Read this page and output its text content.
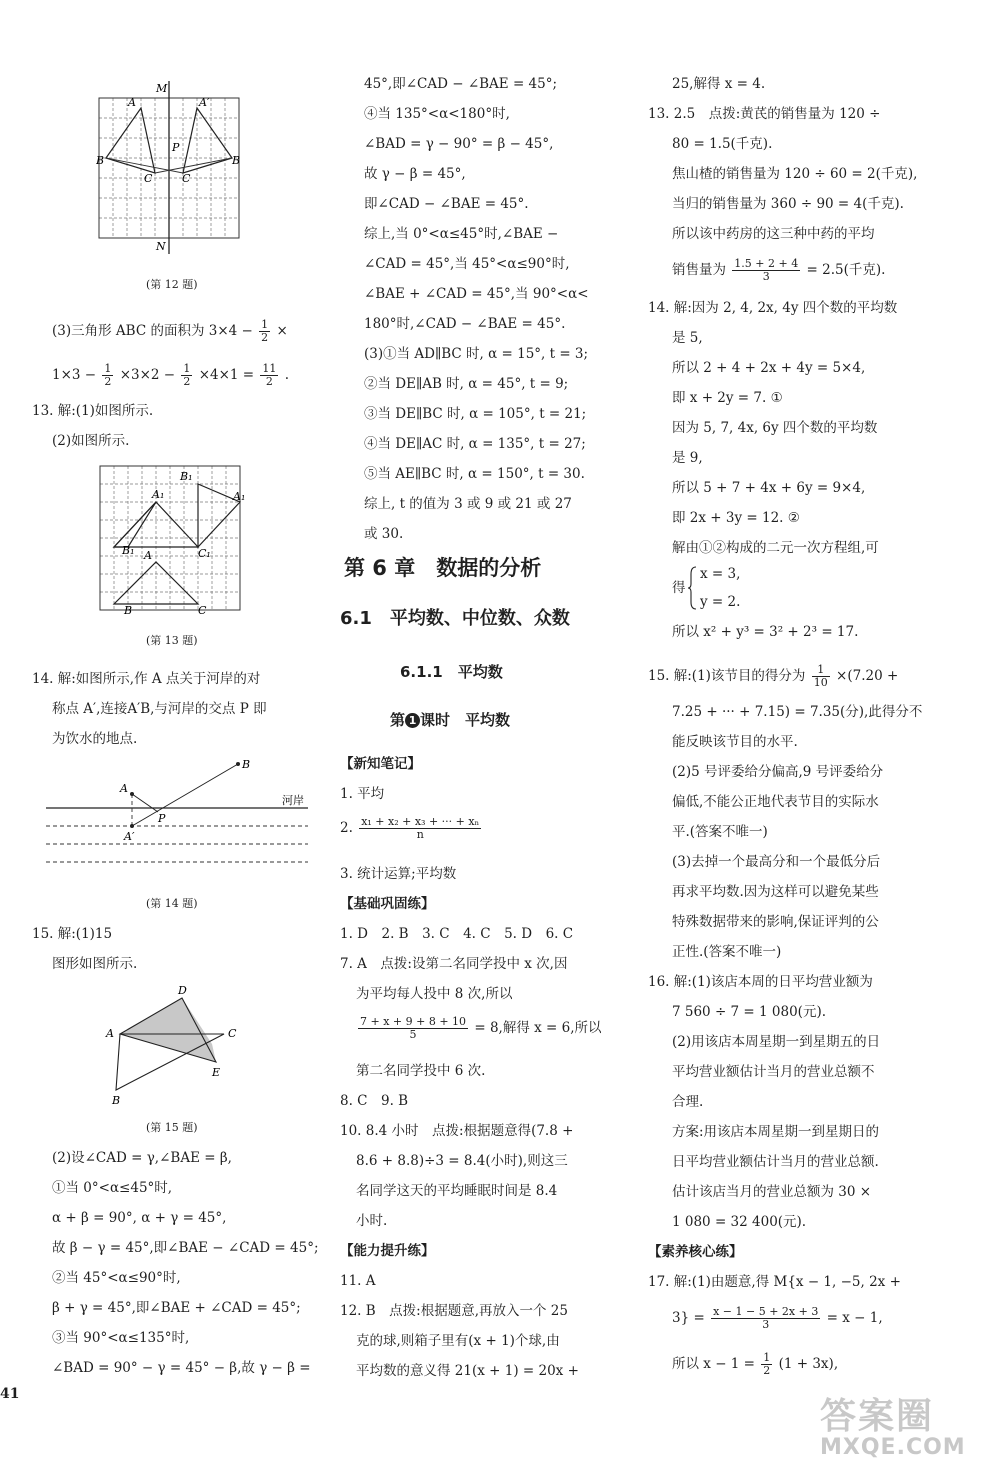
M
N
A	A′
B	B
P
C	C
(第 12 题)
(3)三角形 ABC 的面积为 $3\times 4 - \frac{1}{2}$ ×
$1\times 3 - \frac{1}{2} \times 3\times 2 - \frac{1}{2} \times 4\times 1 = \frac{11}{2}$ .
13. 解:(1)如图所示.
(2)如图所示.
B₁
A₁	A₁
B₁	C₁
A
B	C
(第 13 题)
14. 解:如图所示,作 A 点关于河岸的对
称点 A′,连接A′B,与河岸的交点 P 即
为饮水的地点.
A
B
P
A′
河岸
(第 14 题)
15. 解:(1)15
图形如图所示.
D
A	C
E
B
(第 15 题)
(2)设∠CAD = γ,∠BAE = β,
①当 0°<α≤45°时,
α + β = 90°, α + γ = 45°,
故 β − γ = 45°,即∠BAE − ∠CAD = 45°;
②当 45°<α≤90°时,
β + γ = 45°,即∠BAE + ∠CAD = 45°;
③当 90°<α≤135°时,
∠BAD = 90° − γ = 45° − β,故 γ − β =
45°,即∠CAD − ∠BAE = 45°;
④当 135°<α<180°时,
∠BAD = γ − 90° = β − 45°,
故 γ − β = 45°,
即∠CAD − ∠BAE = 45°.
综上,当 0°<α≤45°时,∠BAE −
∠CAD = 45°,当 45°<α≤90°时,
∠BAE + ∠CAD = 45°,当 90°<α<
180°时,∠CAD − ∠BAE = 45°.
(3)①当 AD∥BC 时, α = 15°, t = 3;
②当 DE∥AB 时, α = 45°, t = 9;
③当 DE∥BC 时, α = 105°, t = 21;
④当 DE∥AC 时, α = 135°, t = 27;
⑤当 AE∥BC 时, α = 150°, t = 30.
综上, t 的值为 3 或 9 或 21 或 27
或 30.
第 6 章　数据的分析
6.1　平均数、中位数、众数
6.1.1　平均数
第 1 课时　平均数
【新知笔记】
1. 平均
2. $\frac{\text{x₁ + x₂ + x₃ + ··· + xₙ}}{n}$
3. 统计运算;平均数
【基础巩固练】
1. D　2. B　3. C　4. C　5. D　6. C
7. A　点拨:设第二名同学投中 x 次,因
为平均每人投中 8 次,所以
$\frac{7 + x + 9 + 8 + 10}{5} = 8$,解得 x = 6,所以
第二名同学投中 6 次.
8. C　9. B
10. 8.4 小时　点拨:根据题意得(7.8 +
8.6 + 8.8)÷3 = 8.4(小时),则这三
名同学这天的平均睡眠时间是 8.4
小时.
【能力提升练】
11. A
12. B　点拨:根据题意,再放入一个 25
克的球,则箱子里有(x + 1)个球,由
平均数的意义得 21(x + 1) = 20x +
25,解得 x = 4.
13. 2.5　点拨:黄芪的销售量为 120 ÷
80 = 1.5(千克).
焦山楂的销售量为 120 ÷ 60 = 2(千克),
当归的销售量为 360 ÷ 90 = 4(千克).
所以该中药房的这三种中药的平均
销售量为 $\frac{1.5 + 2 + 4}{3} = 2.5$(千克).
14. 解:因为 2, 4, 2x, 4y 四个数的平均数
是 5,
所以 2 + 4 + 2x + 4y = 5×4,
即 x + 2y = 7. ①
因为 5, 7, 4x, 6y 四个数的平均数
是 9,
所以 5 + 7 + 4x + 6y = 9×4,
即 2x + 3y = 12. ②
解由①②构成的二元一次方程组,可
得
x = 3,
y = 2.
所以 x² + y³ = 3² + 2³ = 17.
15. 解:(1)该节目的得分为 $\frac{1}{10} \times(7.20$ +
7.25 + ··· + 7.15) = 7.35(分),此得分不
能反映该节目的水平.
(2)5 号评委给分偏高,9 号评委给分
偏低,不能公正地代表节目的实际水
平.(答案不唯一)
(3)去掉一个最高分和一个最低分后
再求平均数.因为这样可以避免某些
特殊数据带来的影响,保证评判的公
正性.(答案不唯一)
16. 解:(1)该店本周的日平均营业额为
7 560 ÷ 7 = 1 080(元).
(2)用该店本周星期一到星期五的日
平均营业额估计当月的营业总额不
合理.
方案:用该店本周星期一到星期日的
日平均营业额估计当月的营业总额.
估计该店当月的营业总额为 30 ×
1 080 = 32 400(元).
【素养核心练】
17. 解:(1)由题意,得 M{x − 1, −5, 2x +
$3\} = \frac{x - 1 - 5 + 2x + 3}{3} = x - 1$,
所以 $x - 1 = \frac{1}{2} (1 + 3x)$,
41
答案圈
MXQE.COM
